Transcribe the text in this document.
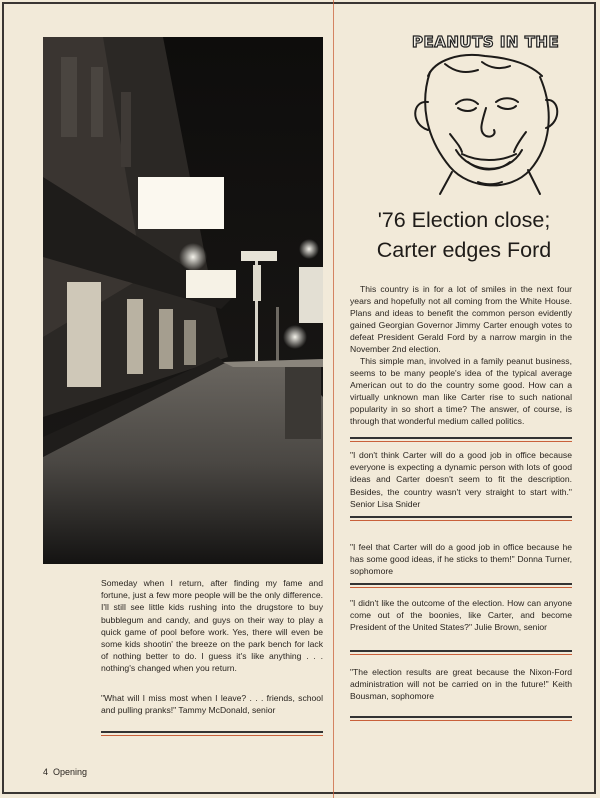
Someday when I return, after finding my fame and fortune, just a few more people will be the only difference. I'll still see little kids rushing into the drugstore to buy bubblegum and candy, and guys on their way to play a quick game of pool before work. Yes, there will even be some kids shootin' the breeze on the park bench for lack of nothing better to do. I guess it's like anything . . . nothing's changed when you return.

"What will I miss most when I leave? . . . friends, school and pulling pranks!" Tammy McDonald, senior

4 Opening
PEANUTS IN THE
'76 Election close;
Carter edges Ford

This country is in for a lot of smiles in the next four years and hopefully not all coming from the White House. Plans and ideas to benefit the common person evidently gained Georgian Governor Jimmy Carter enough votes to defeat President Gerald Ford by a narrow margin in the November 2nd election.

This simple man, involved in a family peanut business, seems to be many people's idea of the typical average American out to do the country some good. How can a virtually unknown man like Carter rise to such national popularity in so short a time? The answer, of course, is through that wonderful medium called politics.

"I don't think Carter will do a good job in office because everyone is expecting a dynamic person with lots of good ideas and Carter doesn't seem to fit the description. Besides, the country wasn't very straight to start with." Senior Lisa Snider

"I feel that Carter will do a good job in office because he has some good ideas, if he sticks to them!" Donna Turner, sophomore

"I didn't like the outcome of the election. How can anyone come out of the boonies, like Carter, and become President of the United States?" Julie Brown, senior

"The election results are great because the Nixon-Ford administration will not be carried on in the future!" Keith Bousman, sophomore
